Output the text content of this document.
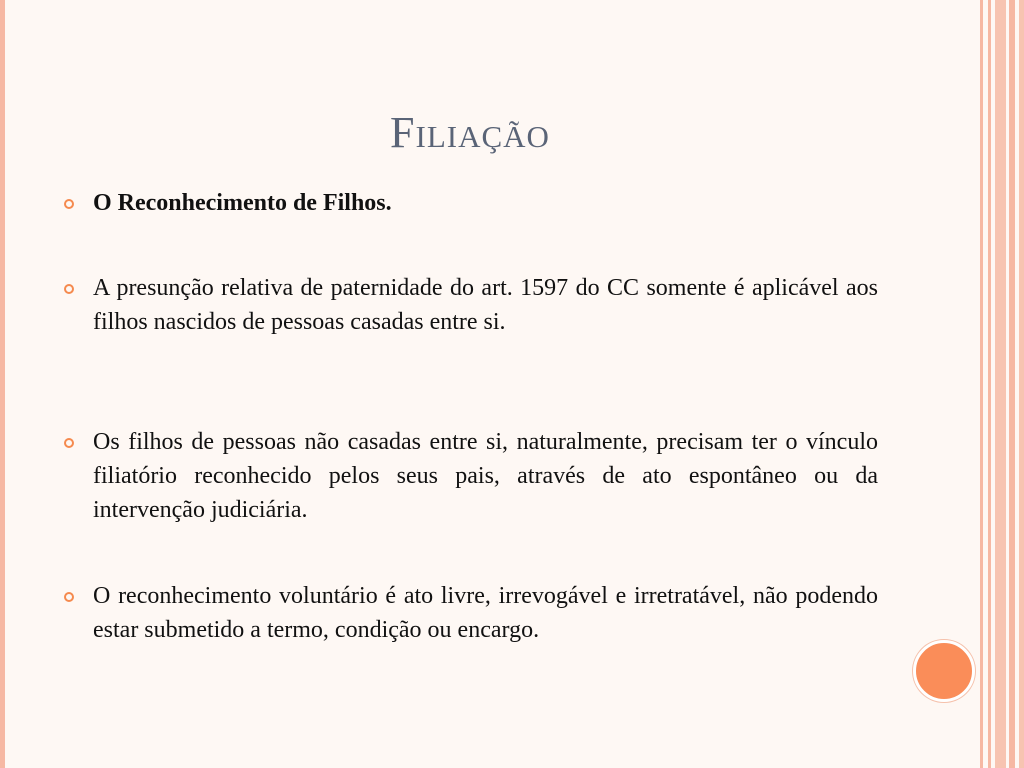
Filiação
O Reconhecimento de Filhos.
A presunção relativa de paternidade do art. 1597 do CC somente é aplicável aos filhos nascidos de pessoas casadas entre si.
Os filhos de pessoas não casadas entre si, naturalmente, precisam ter o vínculo filiatório reconhecido pelos seus pais, através de ato espontâneo ou da intervenção judiciária.
O reconhecimento voluntário é ato livre, irrevogável e irretratável, não podendo estar submetido a termo, condição ou encargo.
